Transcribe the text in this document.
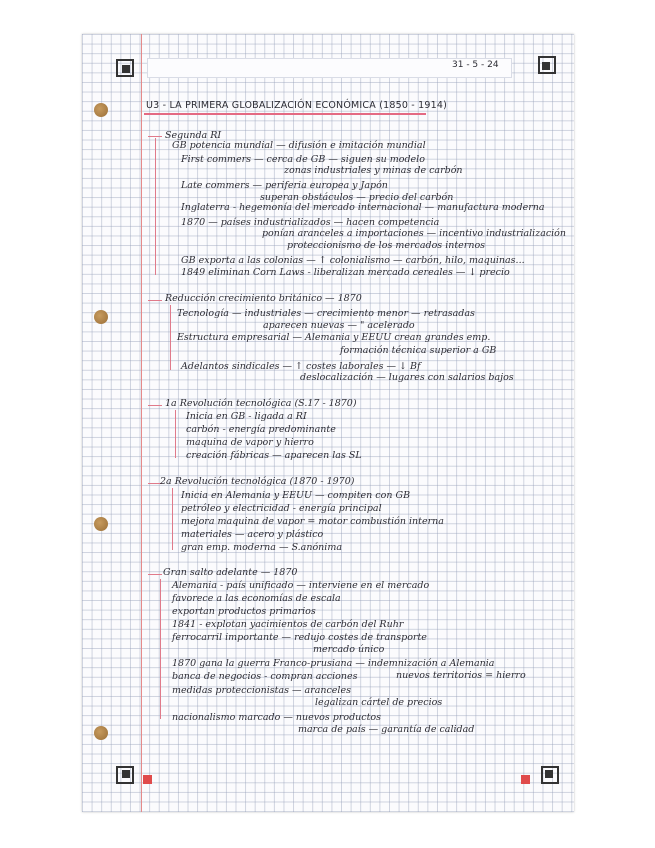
31 - 5 - 24
U3 - LA PRIMERA GLOBALIZACIÓN ECONÓMICA (1850 - 1914)
Segunda RI
GB potencia mundial — difusión e imitación mundial
First commers — cerca de GB — siguen su modelo
zonas industriales y minas de carbón
Late commers — periferia europea y Japón
superan obstáculos — precio del carbón
Inglaterra - hegemonía del mercado internacional — manufactura moderna
1870 — países industrializados — hacen competencia
ponían aranceles a importaciones — incentivo industrialización
proteccionismo de los mercados internos
GB exporta a las colonias — ↑ colonialismo — carbón, hilo, maquinas...
1849 eliminan Corn Laws - liberalizan mercado cereales — ↓ precio
Reducción crecimiento británico — 1870
Tecnología — industriales — crecimiento menor — retrasadas
aparecen nuevas — " acelerado
Estructura empresarial — Alemania y EEUU crean grandes emp.
formación técnica superior a GB
Adelantos sindicales — ↑ costes laborales — ↓ Bf
deslocalización — lugares con salarios bajos
1a Revolución tecnológica (S.17 - 1870)
Inicia en GB - ligada a RI
carbón - energía predominante
maquina de vapor y hierro
creación fábricas — aparecen las SL
2a Revolución tecnológica (1870 - 1970)
Inicia en Alemania y EEUU — compiten con GB
petróleo y electricidad - energía principal
mejora maquina de vapor = motor combustión interna
materiales — acero y plástico
gran emp. moderna — S.anónima
Gran salto adelante — 1870
Alemania - país unificado — interviene en el mercado
favorece a las economías de escala
exportan productos primarios
1841 - explotan yacimientos de carbón del Ruhr
ferrocarril importante — redujo costes de transporte
mercado único
1870 gana la guerra Franco-prusiana — indemnización a Alemania
nuevos territorios = hierro
banca de negocios - compran acciones
medidas proteccionistas — aranceles
legalizan cártel de precios
nacionalismo marcado — nuevos productos
marca de país — garantía de calidad
